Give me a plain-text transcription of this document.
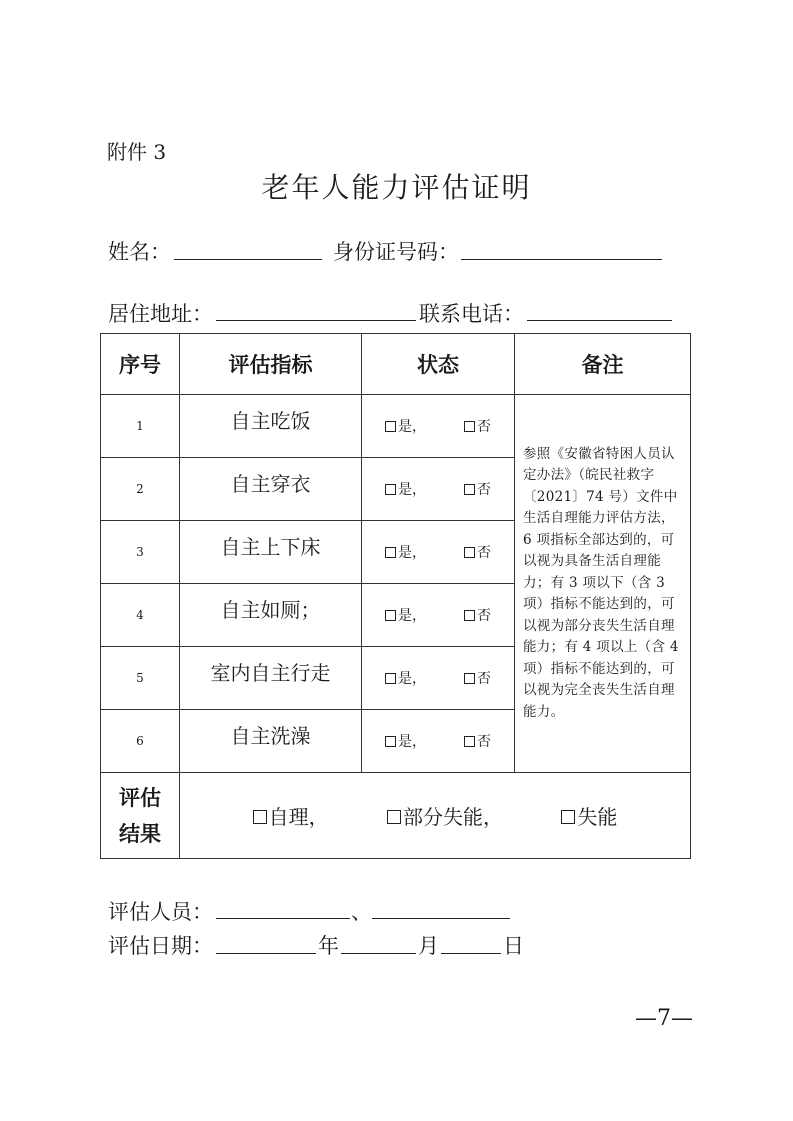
附件 3
老年人能力评估证明
姓名：	身份证号码：
居住地址：	联系电话：
序号	评估指标	状态	备注
1	自主吃饭	是， 否	参照《安徽省特困人员认定办法》（皖民社救字〔2021〕74 号）文件中生活自理能力评估方法，6 项指标全部达到的，可以视为具备生活自理能力；有 3 项以下（含 3 项）指标不能达到的，可以视为部分丧失生活自理能力；有 4 项以上（含 4 项）指标不能达到的，可以视为完全丧失生活自理能力。
2	自主穿衣	是， 否	
3	自主上下床	是， 否	
4	自主如厕；	是， 否	
5	室内自主行走	是， 否	
6	自主洗澡	是， 否	

评估
结果	自理， 部分失能， 失能		
评估人员：	、
评估日期：	年	月	日
—7—
